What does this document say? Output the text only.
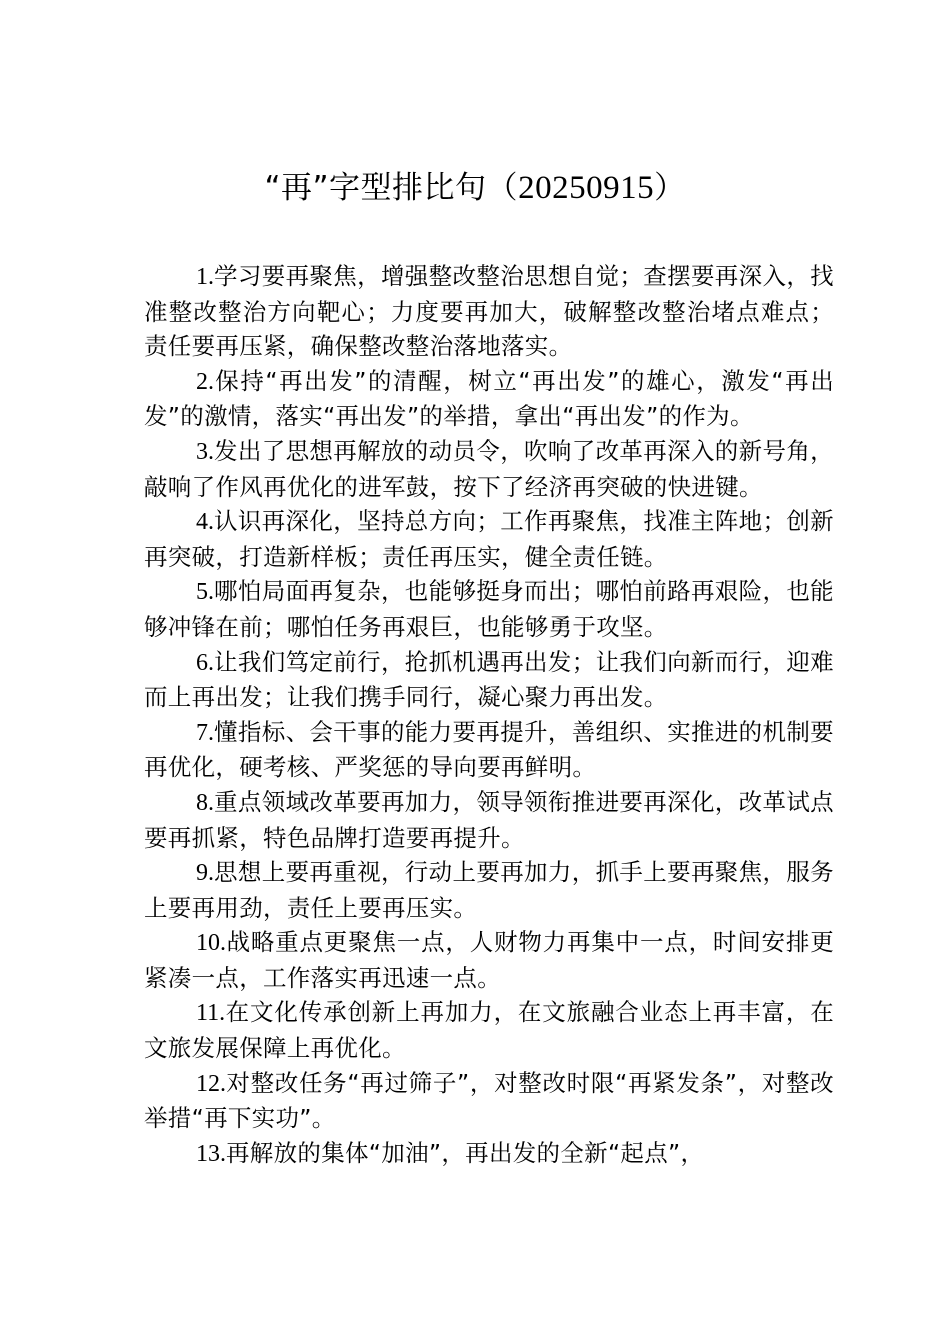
“再”字型排比句（20250915）

1.学习要再聚焦，增强整改整治思想自觉；查摆要再深入，找准整改整治方向靶心；力度要再加大，破解整改整治堵点难点；责任要再压紧，确保整改整治落地落实。

2.保持“再出发”的清醒，树立“再出发”的雄心，激发“再出发”的激情，落实“再出发”的举措，拿出“再出发”的作为。

3.发出了思想再解放的动员令，吹响了改革再深入的新号角，敲响了作风再优化的进军鼓，按下了经济再突破的快进键。

4.认识再深化，坚持总方向；工作再聚焦，找准主阵地；创新再突破，打造新样板；责任再压实，健全责任链。

5.哪怕局面再复杂，也能够挺身而出；哪怕前路再艰险，也能够冲锋在前；哪怕任务再艰巨，也能够勇于攻坚。

6.让我们笃定前行，抢抓机遇再出发；让我们向新而行，迎难而上再出发；让我们携手同行，凝心聚力再出发。

7.懂指标、会干事的能力要再提升，善组织、实推进的机制要再优化，硬考核、严奖惩的导向要再鲜明。

8.重点领域改革要再加力，领导领衔推进要再深化，改革试点要再抓紧，特色品牌打造要再提升。

9.思想上要再重视，行动上要再加力，抓手上要再聚焦，服务上要再用劲，责任上要再压实。

10.战略重点更聚焦一点，人财物力再集中一点，时间安排更紧凑一点，工作落实再迅速一点。

11.在文化传承创新上再加力，在文旅融合业态上再丰富，在文旅发展保障上再优化。

12.对整改任务“再过筛子”，对整改时限“再紧发条”，对整改举措“再下实功”。

13.再解放的集体“加油”，再出发的全新“起点”，
